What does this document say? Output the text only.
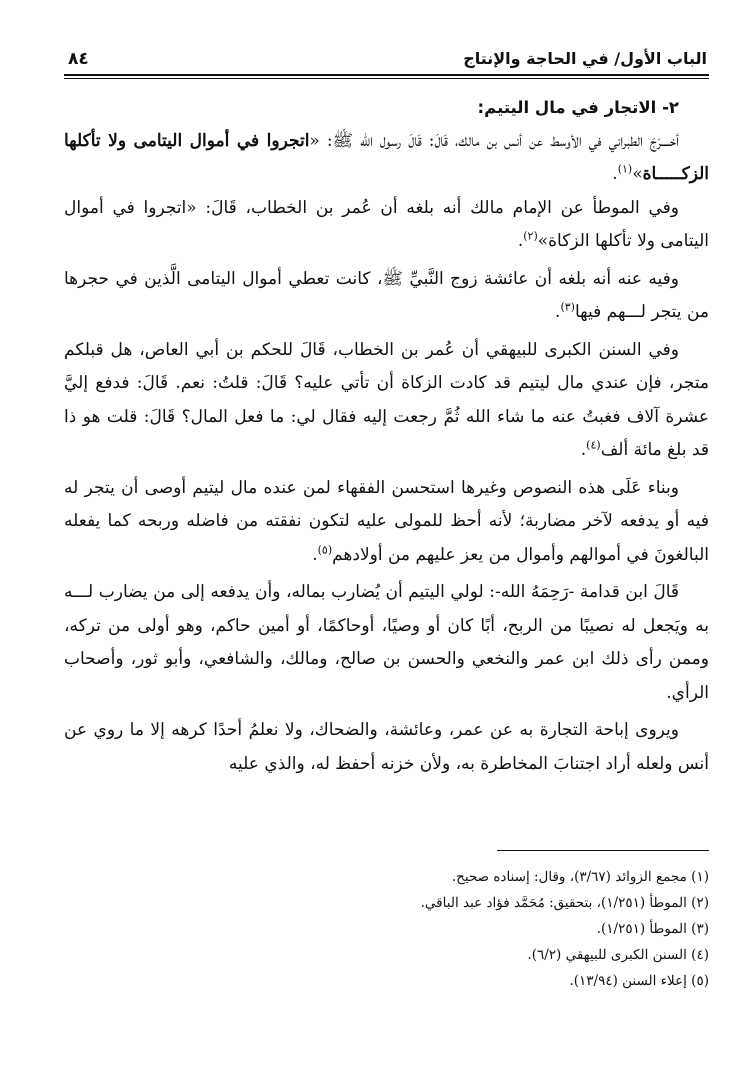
الباب الأول/ في الحاجة والإنتاج
٨٤

٢- الاتجار في مال اليتيم:

أخــــرَجَ الطبراني في الأوسط عن أنس بن مالك، قَالَ: قَالَ رسول الله ﷺ: «اتجروا في أموال اليتامى ولا تأكلها الزكـــــاة»$^{(١)}$.

وفي الموطأ عن الإمام مالك أنه بلغه أن عُمر بن الخطاب، قَالَ: «اتجروا في أموال اليتامى ولا تأكلها الزكاة»$^{(٢)}$.

وفيه عنه أنه بلغه أن عائشة زوج النَّبيِّ ﷺ، كانت تعطي أموال اليتامى الَّذين في حجرها من يتجر لـــهم فيها$^{(٣)}$.

وفي السنن الكبرى للبيهقي أن عُمر بن الخطاب، قَالَ للحكم بن أبي العاص، هل قبلكم متجر، فإن عندي مال ليتيم قد كادت الزكاة أن تأتي عليه؟ قَالَ: قلتُ: نعم. قَالَ: فدفع إليَّ عشرة آلاف فغبتُ عنه ما شاء الله ثُمَّ رجعت إليه فقال لي: ما فعل المال؟ قَالَ: قلت هو ذا قد بلغ مائة ألف$^{(٤)}$.

وبناء عَلَى هذه النصوص وغيرها استحسن الفقهاء لمن عنده مال ليتيم أوصى أن يتجر له فيه أو يدفعه لآخر مضاربة؛ لأنه أحظ للمولى عليه لتكون نفقته من فاضله وربحه كما يفعله البالغونَ في أموالهم وأموال من يعز عليهم من أولادهم$^{(٥)}$.

قَالَ ابن قدامة -رَحِمَهُ الله-: لولي اليتيم أن يُضارب بماله، وأن يدفعه إلى من يضارب لـــه به ويَجعل له نصيبًا من الربح، أبًا كان أو وصيًا، أوحاكمًا، أو أمين حاكم، وهو أولى من تركه، وممن رأى ذلك ابن عمر والنخعي والحسن بن صالح، ومالك، والشافعي، وأبو ثور، وأصحاب الرأي.

ويروى إباحة التجارة به عن عمر، وعائشة، والضحاك، ولا نعلمُ أحدًا كرهه إلا ما روي عن أنس ولعله أراد اجتنابَ المخاطرة به، ولأن خزنه أحفظ له، والذي عليه

(١) مجمع الزوائد (٣/٦٧)، وقال: إسناده صحيح.
(٢) الموطأ (١/٢٥١)، بتحقيق: مُحَمَّد فؤاد عبد الباقي.
(٣) الموطأ (١/٢٥١).
(٤) السنن الكبرى للبيهقي (٦/٢).
(٥) إعلاء السنن (١٣/٩٤).
